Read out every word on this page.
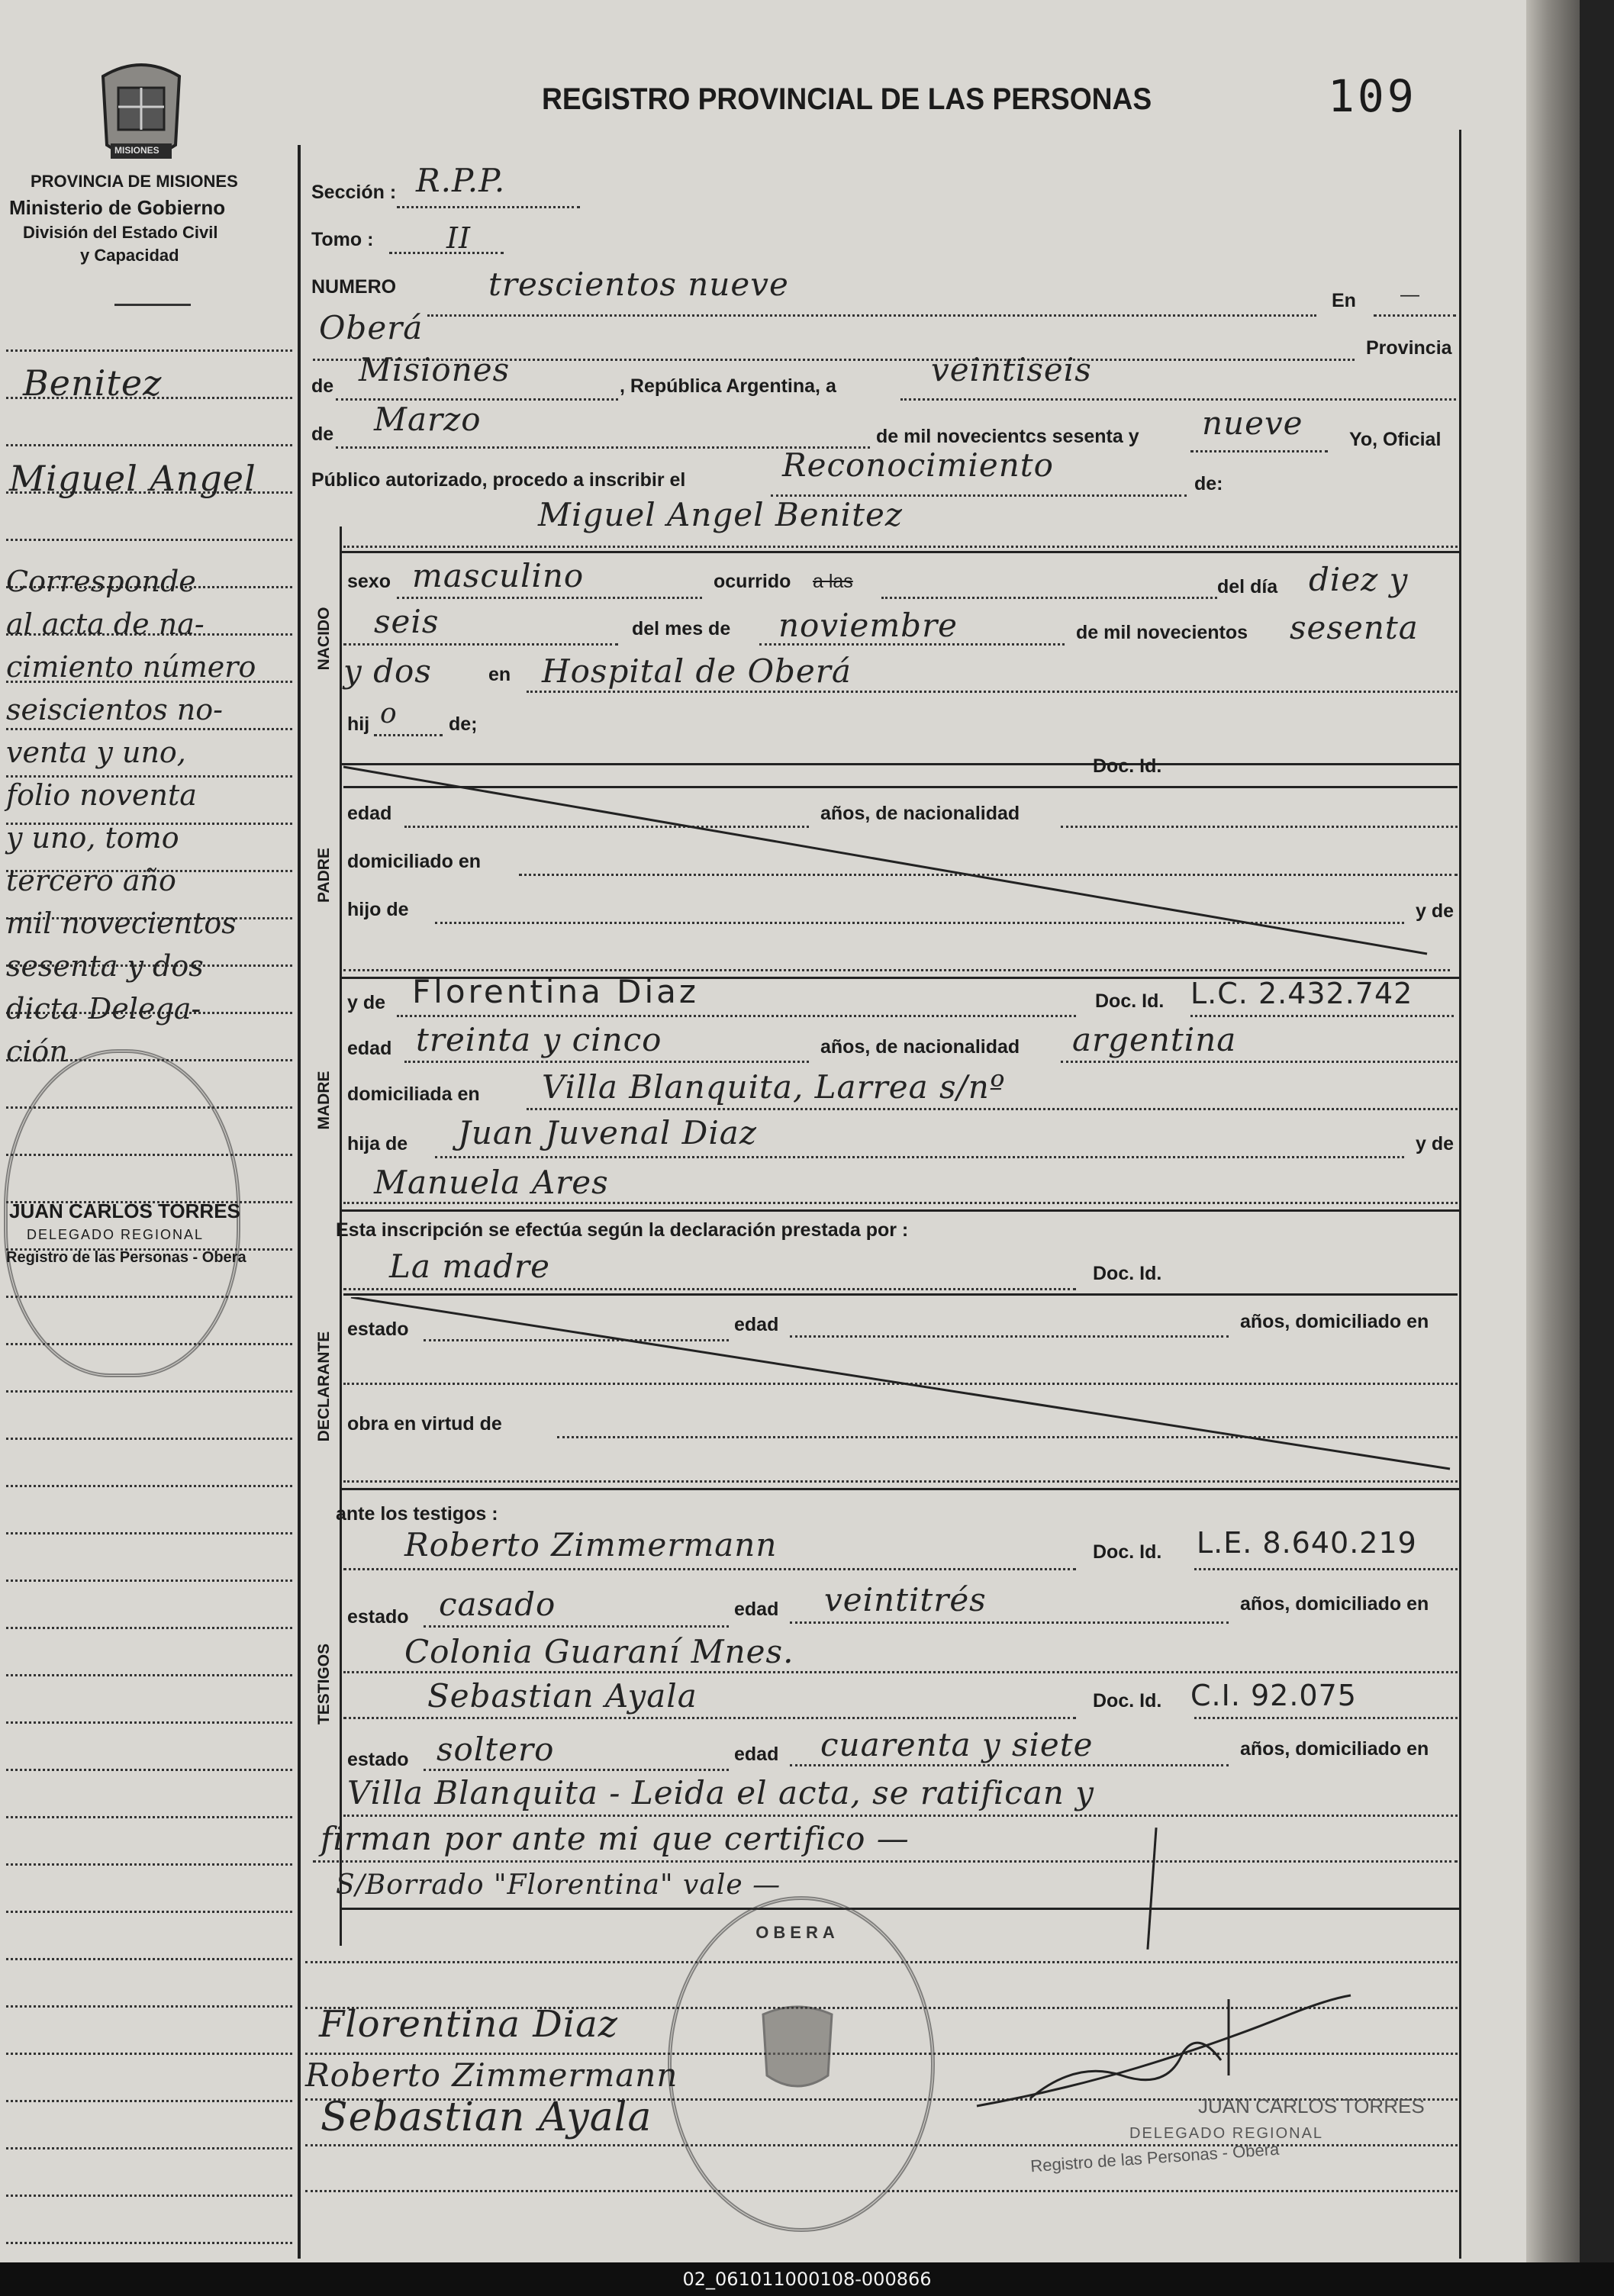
MISIONES
PROVINCIA DE MISIONES
Ministerio de Gobierno
División del Estado Civil
y Capacidad
REGISTRO PROVINCIAL DE LAS PERSONAS	109
Benitez
Miguel Angel
Corresponde
al acta de na-
cimiento número
seiscientos no-
venta y uno,
folio noventa
y uno, tomo
tercero año
mil novecientos
sesenta y dos
dicta Delega-
ción
JUAN CARLOS TORRES
DELEGADO REGIONAL
Registro de las Personas - Obera
Sección : R.P.P.
Tomo :	II
NUMERO	trescientos nueve	En —
Oberá
Provincia
de Misiones	, República Argentina, a	veintiseis
de Marzo	de mil novecientcs sesenta y nueve Yo, Oficial
Público autorizado, procedo a inscribir el	Reconocimiento	de:
Miguel Angel Benitez
NACIDO
sexo masculino	ocurrido a las	del día diez y
seis	del mes de noviembre	de mil novecientos sesenta
y dos	en Hospital de Oberá
hij o	de;
PADRE
Doc. Id.
edad	años, de nacionalidad
domiciliado en
hijo de	y de
MADRE
y de Florentina Diaz	Doc. Id. L.C. 2.432.742
edad treinta y cinco	años, de nacionalidad argentina
domiciliada en Villa Blanquita, Larrea s/nº
hija de Juan Juvenal Diaz	y de
Manuela Ares
Esta inscripción se efectúa según la declaración prestada por :
DECLARANTE
La madre	Doc. Id.
estado	edad	años, domiciliado en
obra en virtud de
ante los testigos :
TESTIGOS
Roberto Zimmermann	Doc. Id. L.E. 8.640.219
estado casado	edad veintitrés	años, domiciliado en
Colonia Guaraní Mnes.
Sebastian Ayala	Doc. Id. C.I. 92.075
estado soltero	edad cuarenta y siete	años, domiciliado en
Villa Blanquita - Leida el acta, se ratifican y
firman por ante mi que certifico —
S/Borrado "Florentina" vale —
OBERA
Florentina Diaz
Roberto Zimmermann
Sebastian Ayala	JUAN CARLOS TORRES
DELEGADO REGIONAL
Registro de las Personas - Obera
02_061011000108-000866
